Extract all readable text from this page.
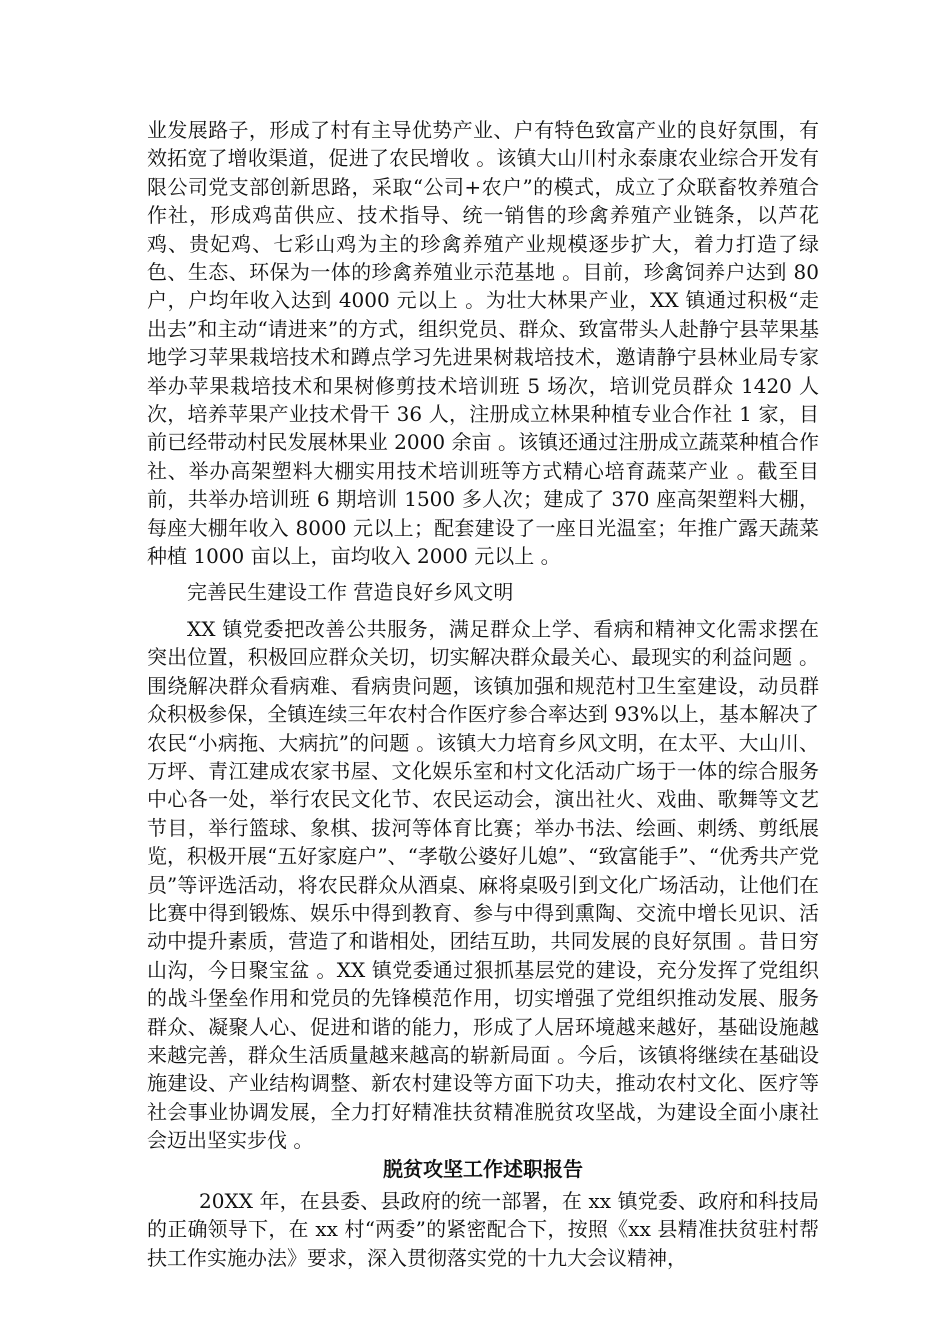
业发展路子，形成了村有主导优势产业、户有特色致富产业的良好氛围，有效拓宽了增收渠道，促进了农民增收 。该镇大山川村永泰康农业综合开发有限公司党支部创新思路，采取“公司+农户”的模式，成立了众联畜牧养殖合作社，形成鸡苗供应、技术指导、统一销售的珍禽养殖产业链条，以芦花鸡、贵妃鸡、七彩山鸡为主的珍禽养殖产业规模逐步扩大，着力打造了绿色、生态、环保为一体的珍禽养殖业示范基地 。目前，珍禽饲养户达到 80 户，户均年收入达到 4000 元以上 。为壮大林果产业，XX 镇通过积极“走出去”和主动“请进来”的方式，组织党员、群众、致富带头人赴静宁县苹果基地学习苹果栽培技术和蹲点学习先进果树栽培技术，邀请静宁县林业局专家举办苹果栽培技术和果树修剪技术培训班 5 场次，培训党员群众 1420 人次，培养苹果产业技术骨干 36 人，注册成立林果种植专业合作社 1 家，目前已经带动村民发展林果业 2000 余亩 。该镇还通过注册成立蔬菜种植合作社、举办高架塑料大棚实用技术培训班等方式精心培育蔬菜产业 。截至目前，共举办培训班 6 期培训 1500 多人次；建成了 370 座高架塑料大棚，每座大棚年收入 8000 元以上；配套建设了一座日光温室；年推广露天蔬菜种植 1000 亩以上，亩均收入 2000 元以上 。

完善民生建设工作 营造良好乡风文明

XX 镇党委把改善公共服务，满足群众上学、看病和精神文化需求摆在突出位置，积极回应群众关切，切实解决群众最关心、最现实的利益问题 。围绕解决群众看病难、看病贵问题，该镇加强和规范村卫生室建设，动员群众积极参保，全镇连续三年农村合作医疗参合率达到 93%以上，基本解决了农民“小病拖、大病抗”的问题 。该镇大力培育乡风文明，在太平、大山川、万坪、青江建成农家书屋、文化娱乐室和村文化活动广场于一体的综合服务中心各一处，举行农民文化节、农民运动会，演出社火、戏曲、歌舞等文艺节目，举行篮球、象棋、拔河等体育比赛；举办书法、绘画、刺绣、剪纸展览，积极开展“五好家庭户”、“孝敬公婆好儿媳”、“致富能手”、“优秀共产党员”等评选活动，将农民群众从酒桌、麻将桌吸引到文化广场活动，让他们在比赛中得到锻炼、娱乐中得到教育、参与中得到熏陶、交流中增长见识、活动中提升素质，营造了和谐相处，团结互助，共同发展的良好氛围 。昔日穷山沟，今日聚宝盆 。XX 镇党委通过狠抓基层党的建设，充分发挥了党组织的战斗堡垒作用和党员的先锋模范作用，切实增强了党组织推动发展、服务群众、凝聚人心、促进和谐的能力，形成了人居环境越来越好，基础设施越来越完善，群众生活质量越来越高的崭新局面 。今后，该镇将继续在基础设施建设、产业结构调整、新农村建设等方面下功夫，推动农村文化、医疗等社会事业协调发展，全力打好精准扶贫精准脱贫攻坚战，为建设全面小康社会迈出坚实步伐 。

脱贫攻坚工作述职报告

20XX 年，在县委、县政府的统一部署，在 xx 镇党委、政府和科技局的正确领导下，在 xx 村“两委”的紧密配合下，按照《xx 县精准扶贫驻村帮扶工作实施办法》要求，深入贯彻落实党的十九大会议精神，
